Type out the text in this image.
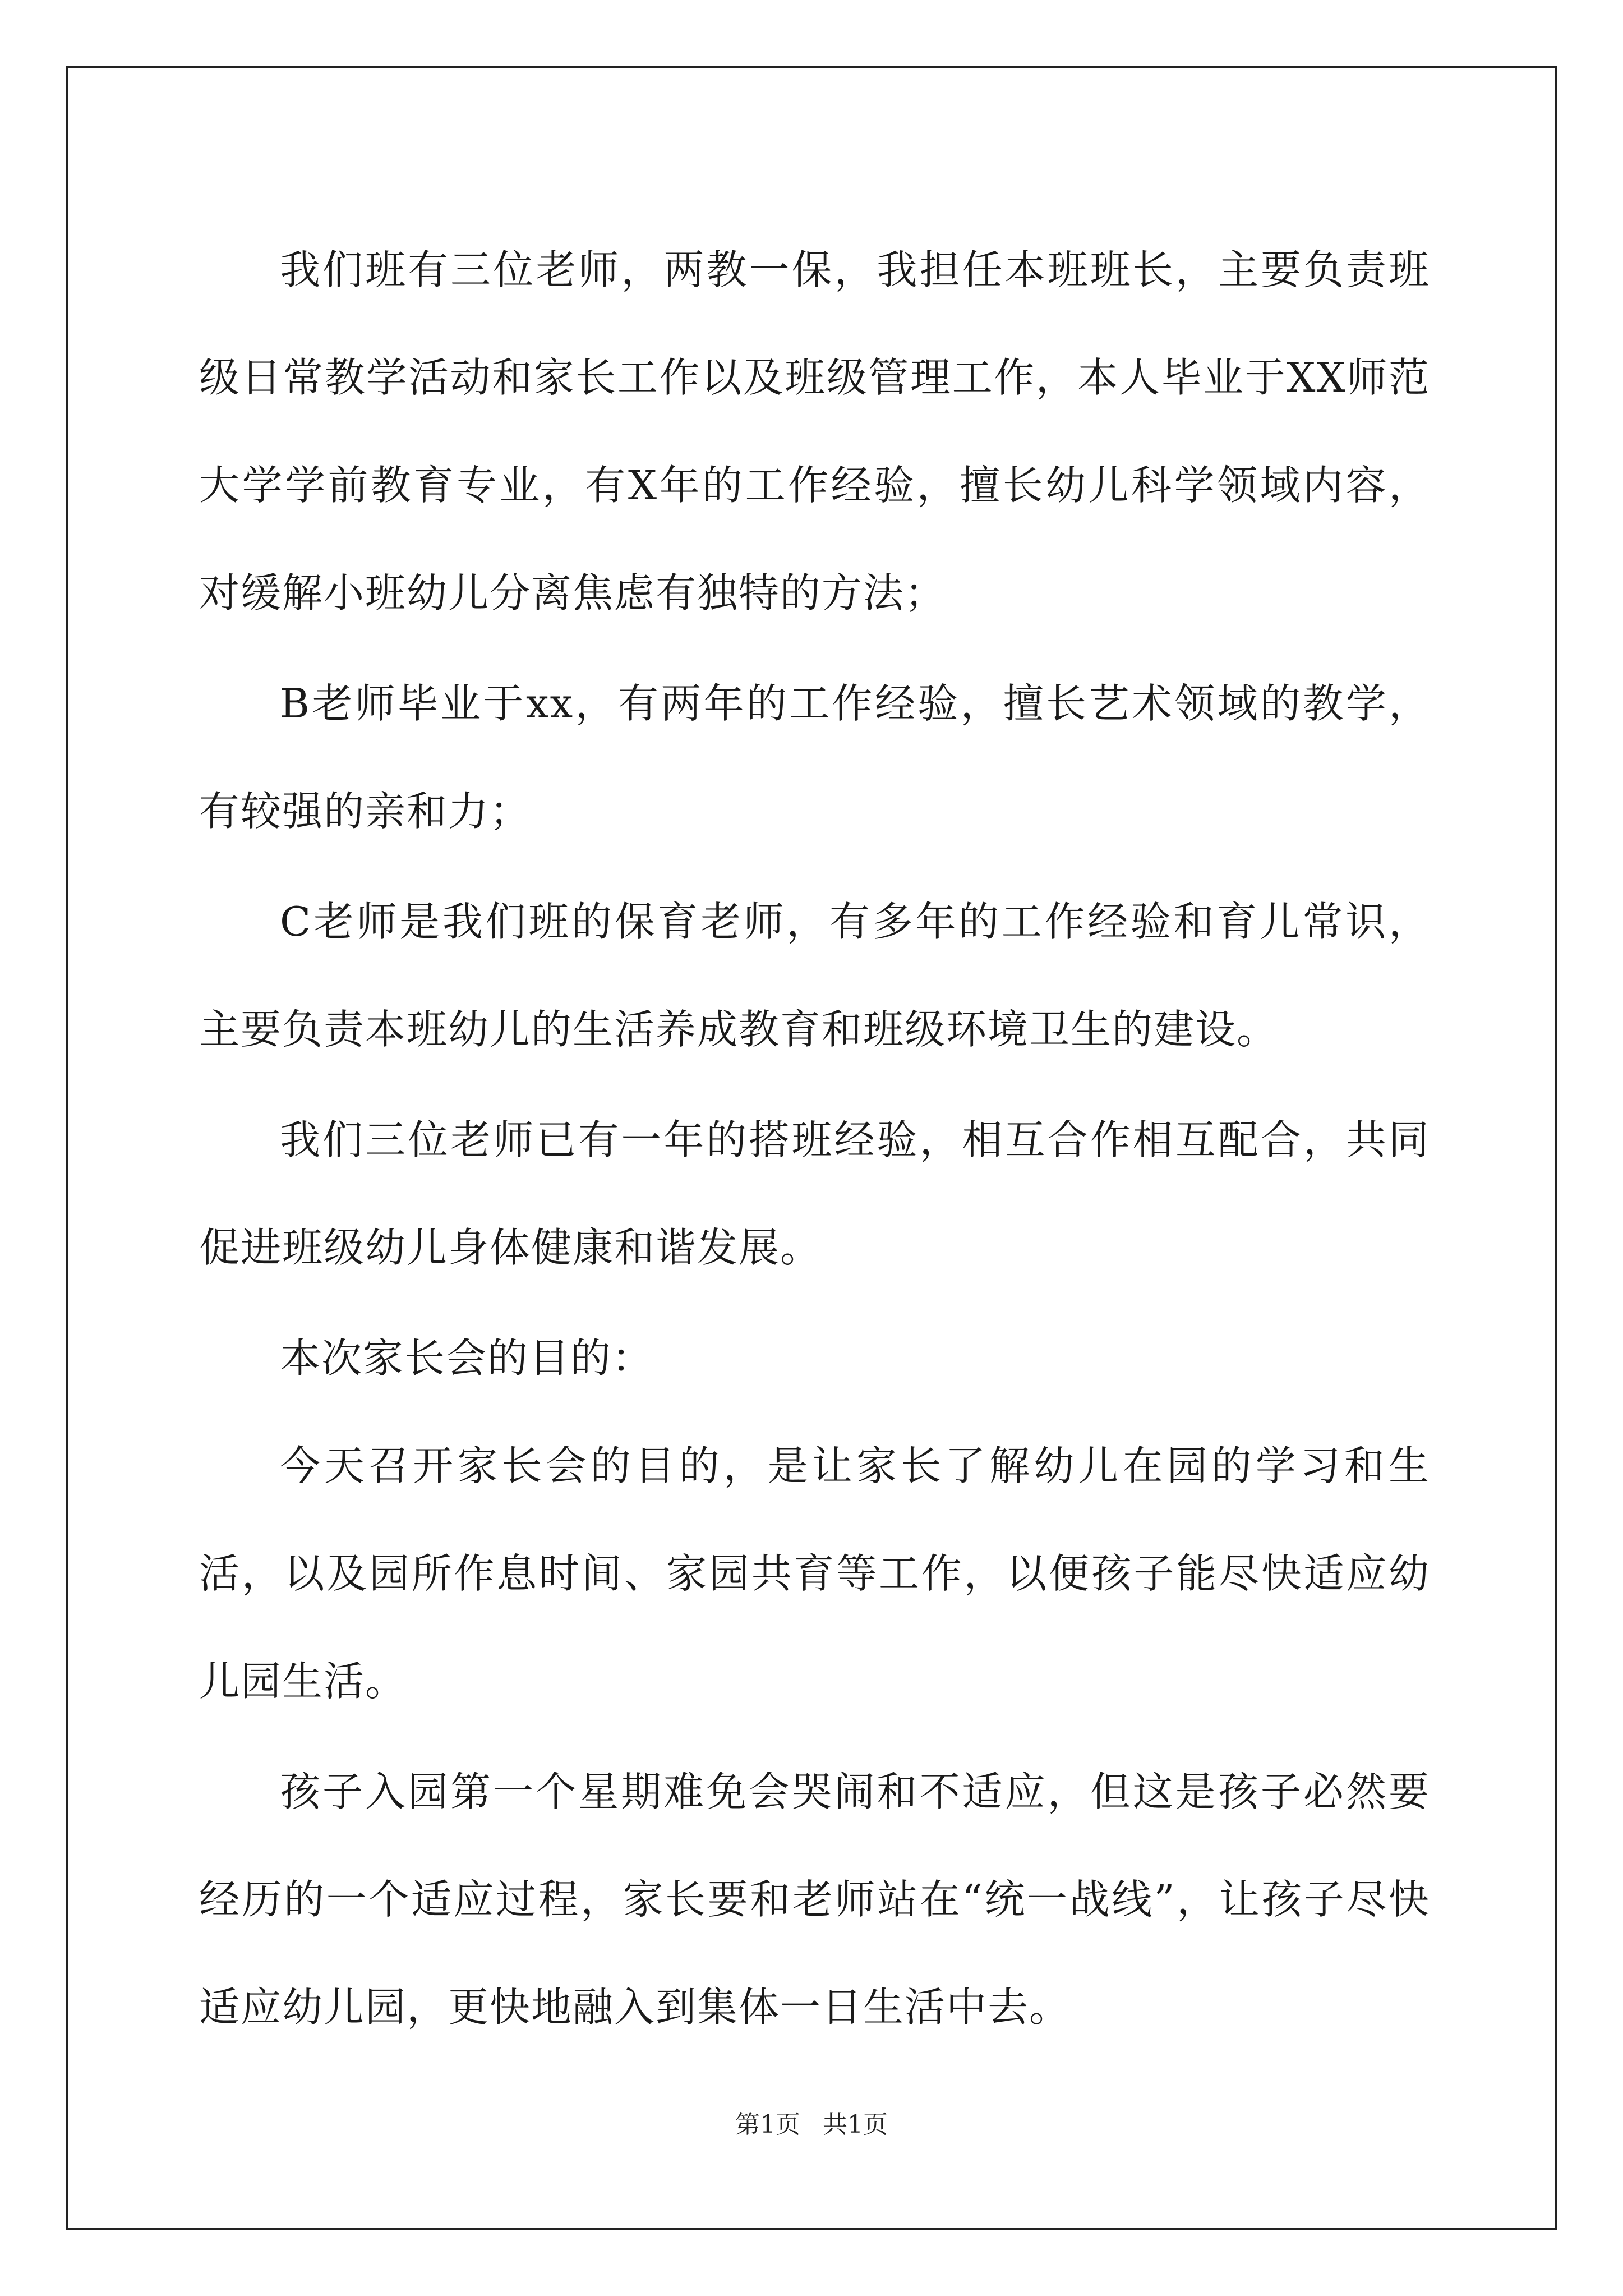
我们班有三位老师，两教一保，我担任本班班长，主要负责班级日常教学活动和家长工作以及班级管理工作，本人毕业于XX师范大学学前教育专业，有X年的工作经验，擅长幼儿科学领域内容，对缓解小班幼儿分离焦虑有独特的方法；

B老师毕业于xx，有两年的工作经验，擅长艺术领域的教学，有较强的亲和力；

C老师是我们班的保育老师，有多年的工作经验和育儿常识，主要负责本班幼儿的生活养成教育和班级环境卫生的建设。

我们三位老师已有一年的搭班经验，相互合作相互配合，共同促进班级幼儿身体健康和谐发展。

本次家长会的目的：

今天召开家长会的目的，是让家长了解幼儿在园的学习和生活，以及园所作息时间、家园共育等工作，以便孩子能尽快适应幼儿园生活。

孩子入园第一个星期难免会哭闹和不适应，但这是孩子必然要经历的一个适应过程，家长要和老师站在“统一战线”，让孩子尽快适应幼儿园，更快地融入到集体一日生活中去。

第1页 共1页
